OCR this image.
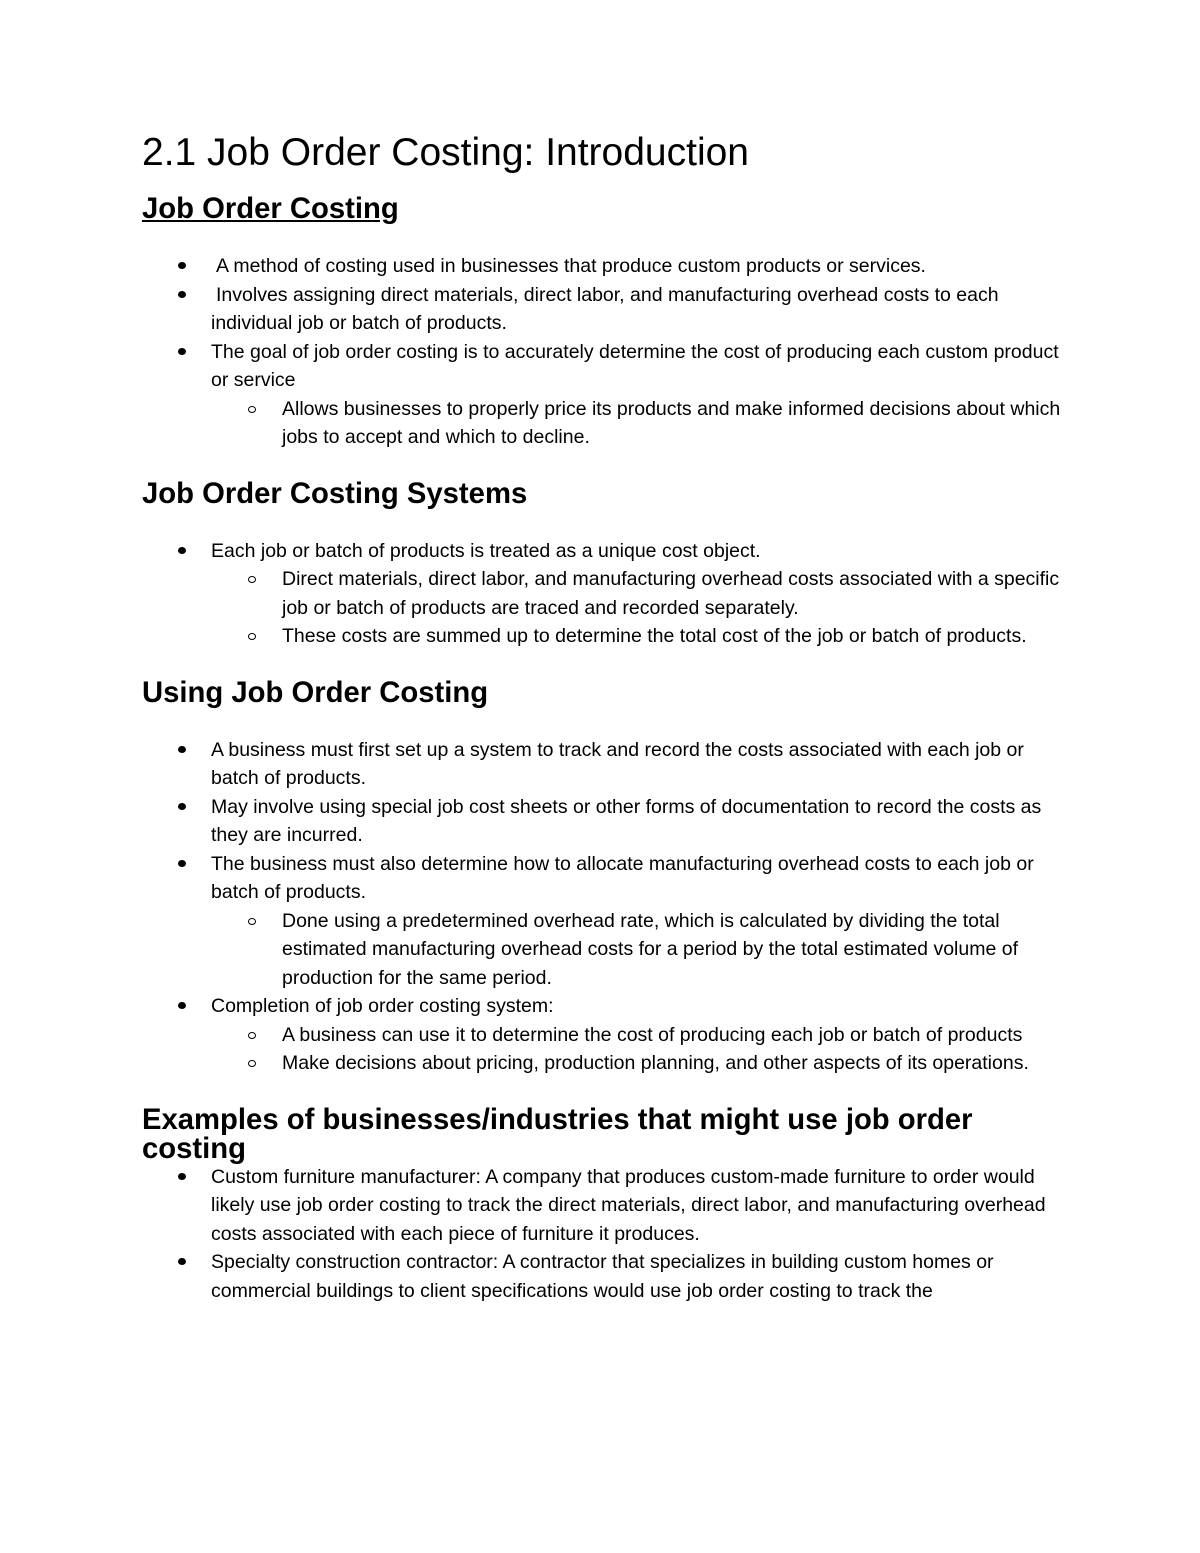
2.1 Job Order Costing: Introduction
Job Order Costing
A method of costing used in businesses that produce custom products or services.
Involves assigning direct materials, direct labor, and manufacturing overhead costs to each individual job or batch of products.
The goal of job order costing is to accurately determine the cost of producing each custom product or service
Allows businesses to properly price its products and make informed decisions about which jobs to accept and which to decline.
Job Order Costing Systems
Each job or batch of products is treated as a unique cost object.
Direct materials, direct labor, and manufacturing overhead costs associated with a specific job or batch of products are traced and recorded separately.
These costs are summed up to determine the total cost of the job or batch of products.
Using Job Order Costing
A business must first set up a system to track and record the costs associated with each job or batch of products.
May involve using special job cost sheets or other forms of documentation to record the costs as they are incurred.
The business must also determine how to allocate manufacturing overhead costs to each job or batch of products.
Done using a predetermined overhead rate, which is calculated by dividing the total estimated manufacturing overhead costs for a period by the total estimated volume of production for the same period.
Completion of job order costing system:
A business can use it to determine the cost of producing each job or batch of products
Make decisions about pricing, production planning, and other aspects of its operations.
Examples of businesses/industries that might use job order costing
Custom furniture manufacturer: A company that produces custom-made furniture to order would likely use job order costing to track the direct materials, direct labor, and manufacturing overhead costs associated with each piece of furniture it produces.
Specialty construction contractor: A contractor that specializes in building custom homes or commercial buildings to client specifications would use job order costing to track the
